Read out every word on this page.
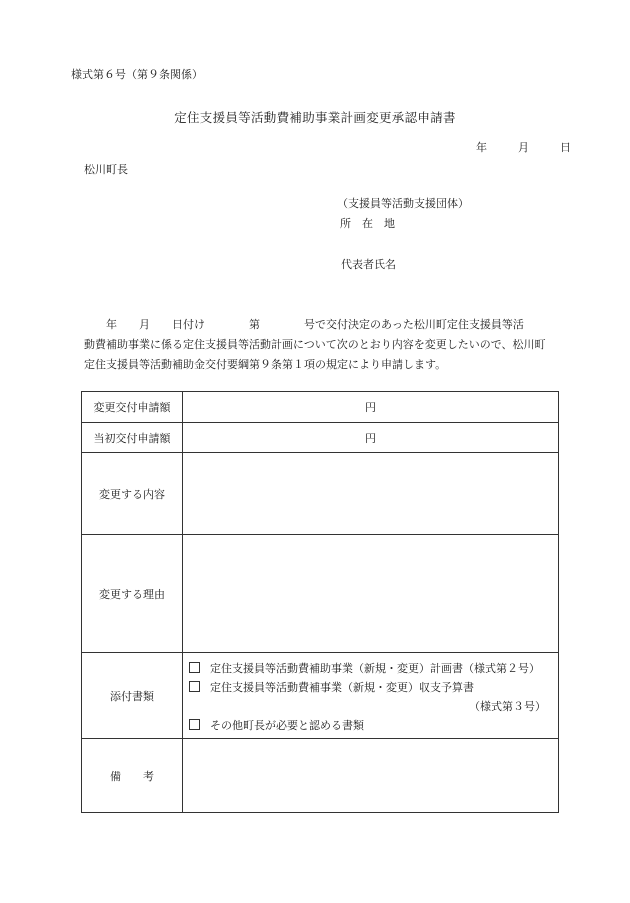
様式第６号（第９条関係）
定住支援員等活動費補助事業計画変更承認申請書
年	月	日
松川町長
（支援員等活動支援団体）
所　在　地
代表者氏名
　　年　　月　　日付け　　　　第　　　　号で交付決定のあった松川町定住支援員等活
動費補助事業に係る定住支援員等活動計画について次のとおり内容を変更したいので、松川町
定住支援員等活動補助金交付要綱第９条第１項の規定により申請します。
変更交付申請額	円
当初交付申請額	円
変更する内容	
変更する理由	
添付書類	定住支援員等活動費補助事業（新規・変更）計画書（様式第２号）
定住支援員等活動費補事業（新規・変更）収支予算書
（様式第３号）
その他町長が必要と認める書類

備　　考	
